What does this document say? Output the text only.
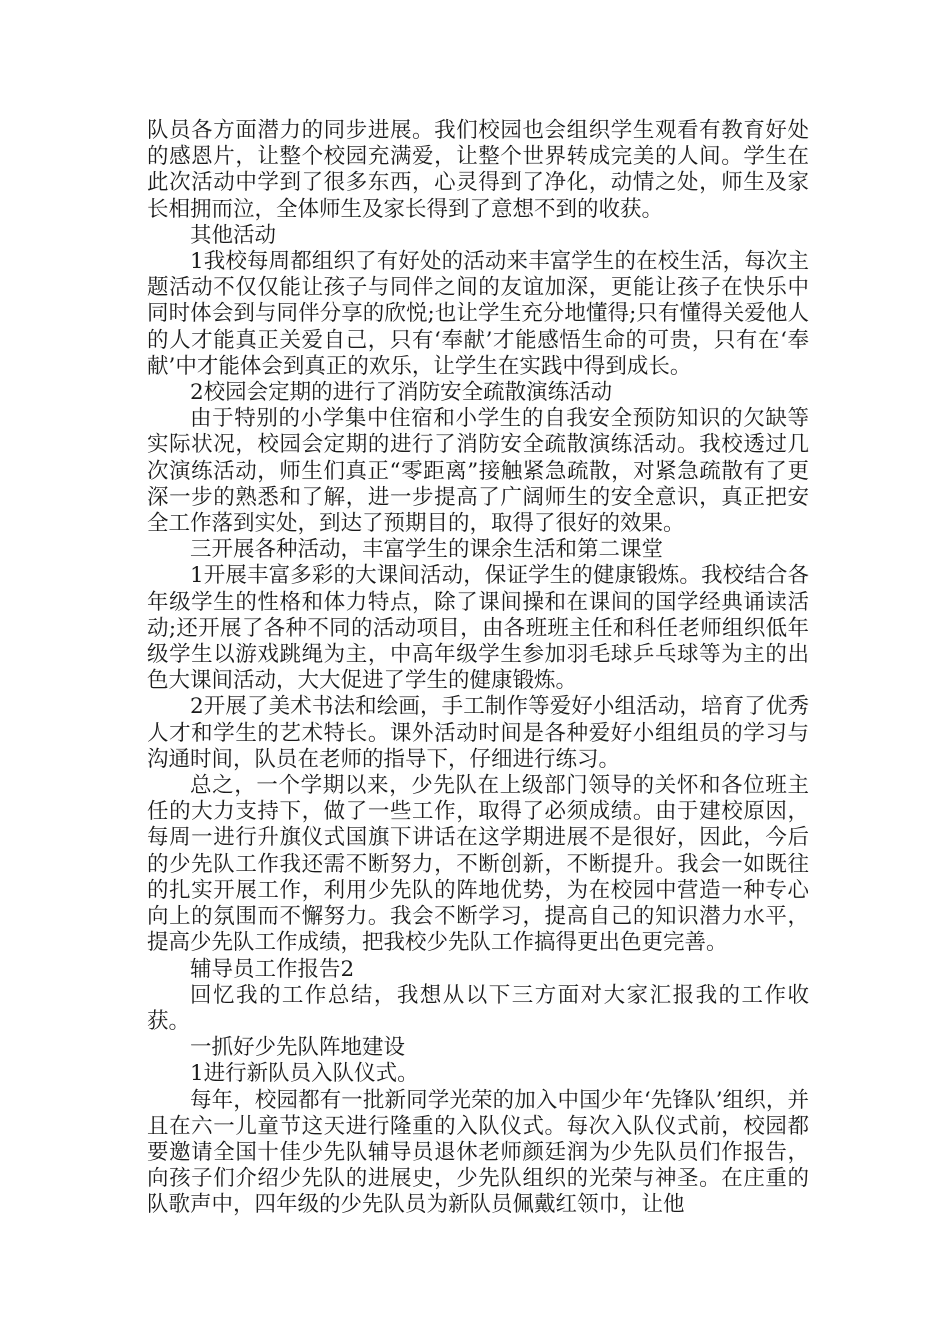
队员各方面潜力的同步进展。我们校园也会组织学生观看有教育好处的感恩片，让整个校园充满爱，让整个世界转成完美的人间。学生在此次活动中学到了很多东西，心灵得到了净化，动情之处，师生及家长相拥而泣，全体师生及家长得到了意想不到的收获。

其他活动

1我校每周都组织了有好处的活动来丰富学生的在校生活，每次主题活动不仅仅能让孩子与同伴之间的友谊加深，更能让孩子在快乐中同时体会到与同伴分享的欣悦;也让学生充分地懂得;只有懂得关爱他人的人才能真正关爱自己，只有‘奉献’才能感悟生命的可贵，只有在‘奉献’中才能体会到真正的欢乐，让学生在实践中得到成长。

2校园会定期的进行了消防安全疏散演练活动

由于特别的小学集中住宿和小学生的自我安全预防知识的欠缺等实际状况，校园会定期的进行了消防安全疏散演练活动。我校透过几次演练活动，师生们真正“零距离”接触紧急疏散，对紧急疏散有了更深一步的熟悉和了解，进一步提高了广阔师生的安全意识，真正把安全工作落到实处，到达了预期目的，取得了很好的效果。

三开展各种活动，丰富学生的课余生活和第二课堂

1开展丰富多彩的大课间活动，保证学生的健康锻炼。我校结合各年级学生的性格和体力特点，除了课间操和在课间的国学经典诵读活动;还开展了各种不同的活动项目，由各班班主任和科任老师组织低年级学生以游戏跳绳为主，中高年级学生参加羽毛球乒乓球等为主的出色大课间活动，大大促进了学生的健康锻炼。

2开展了美术书法和绘画，手工制作等爱好小组活动，培育了优秀人才和学生的艺术特长。课外活动时间是各种爱好小组组员的学习与沟通时间，队员在老师的指导下，仔细进行练习。

总之，一个学期以来，少先队在上级部门领导的关怀和各位班主任的大力支持下，做了一些工作，取得了必须成绩。由于建校原因，每周一进行升旗仪式国旗下讲话在这学期进展不是很好，因此，今后的少先队工作我还需不断努力，不断创新，不断提升。我会一如既往的扎实开展工作，利用少先队的阵地优势，为在校园中营造一种专心向上的氛围而不懈努力。我会不断学习，提高自己的知识潜力水平，提高少先队工作成绩，把我校少先队工作搞得更出色更完善。

辅导员工作报告2

回忆我的工作总结，我想从以下三方面对大家汇报我的工作收获。

一抓好少先队阵地建设

1进行新队员入队仪式。

每年，校园都有一批新同学光荣的加入中国少年‘先锋队’组织，并且在六一儿童节这天进行隆重的入队仪式。每次入队仪式前，校园都要邀请全国十佳少先队辅导员退休老师颜廷润为少先队员们作报告，向孩子们介绍少先队的进展史，少先队组织的光荣与神圣。在庄重的队歌声中，四年级的少先队员为新队员佩戴红领巾，让他
